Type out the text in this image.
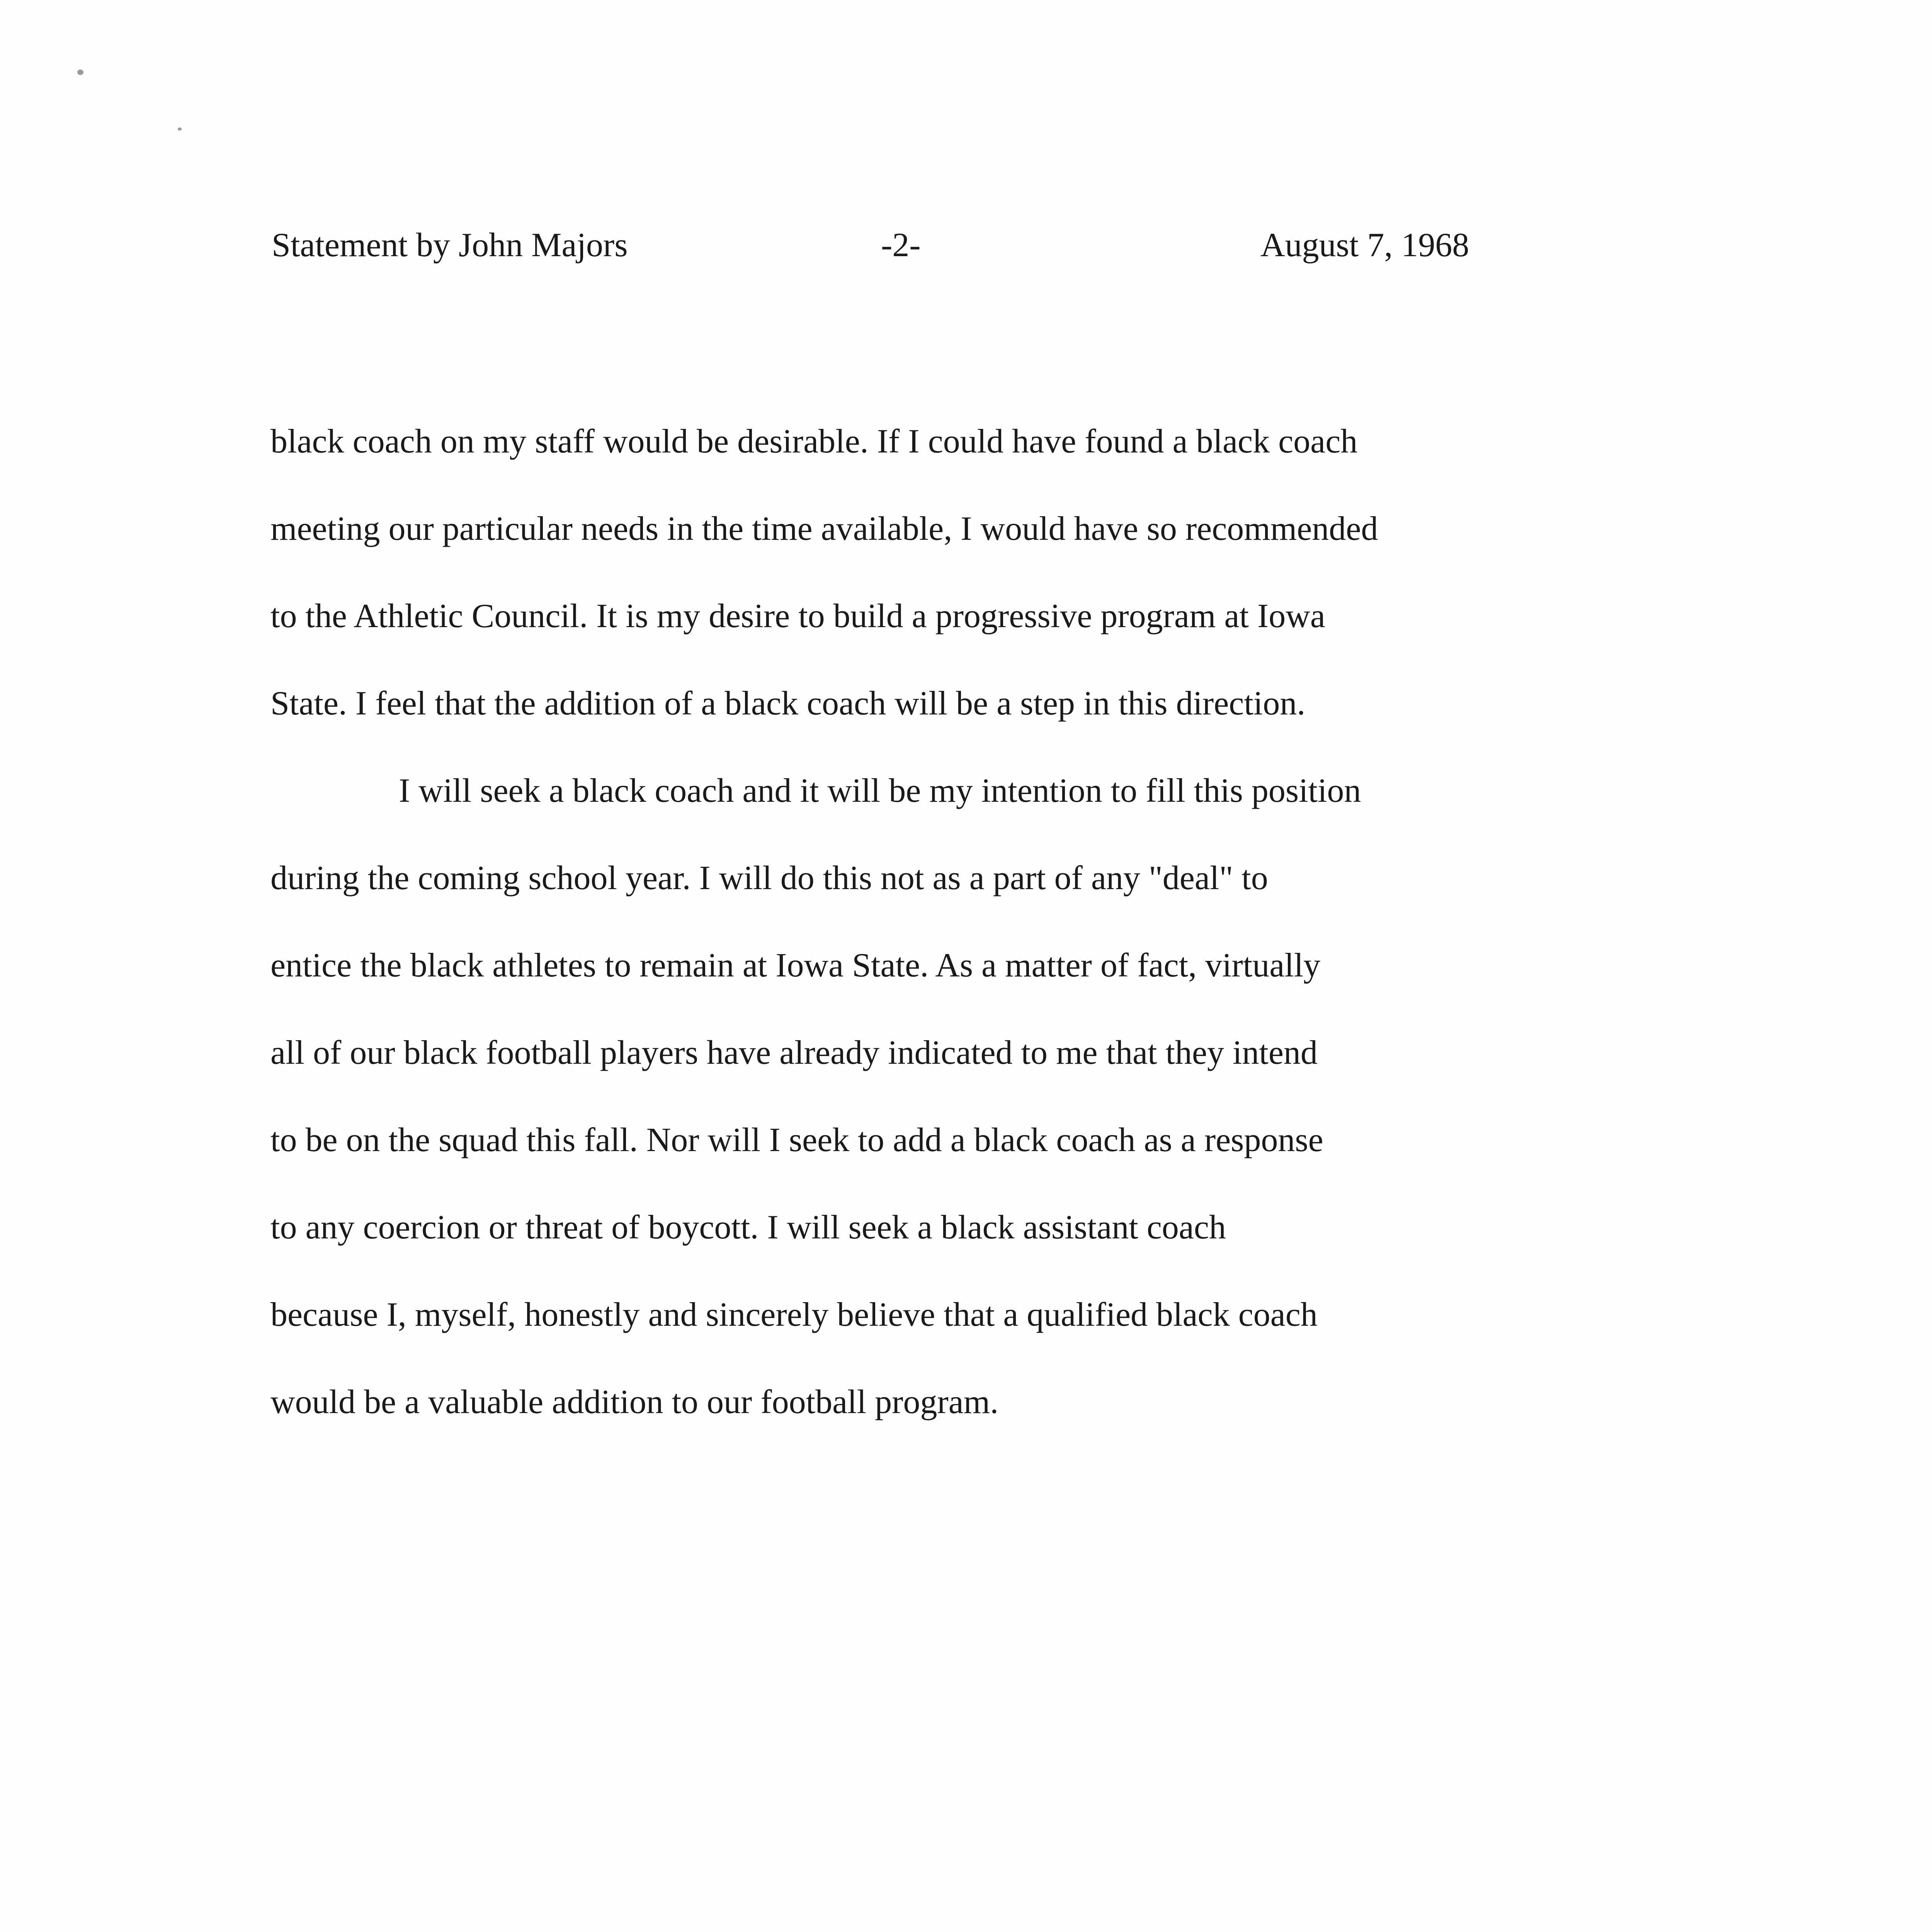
Statement by John Majors	-2-	August 7, 1968
black coach on my staff would be desirable. If I could have found a black coach
meeting our particular needs in the time available, I would have so recommended
to the Athletic Council. It is my desire to build a progressive program at Iowa
State. I feel that the addition of a black coach will be a step in this direction.
I will seek a black coach and it will be my intention to fill this position
during the coming school year. I will do this not as a part of any "deal" to
entice the black athletes to remain at Iowa State. As a matter of fact, virtually
all of our black football players have already indicated to me that they intend
to be on the squad this fall. Nor will I seek to add a black coach as a response
to any coercion or threat of boycott. I will seek a black assistant coach
because I, myself, honestly and sincerely believe that a qualified black coach
would be a valuable addition to our football program.
